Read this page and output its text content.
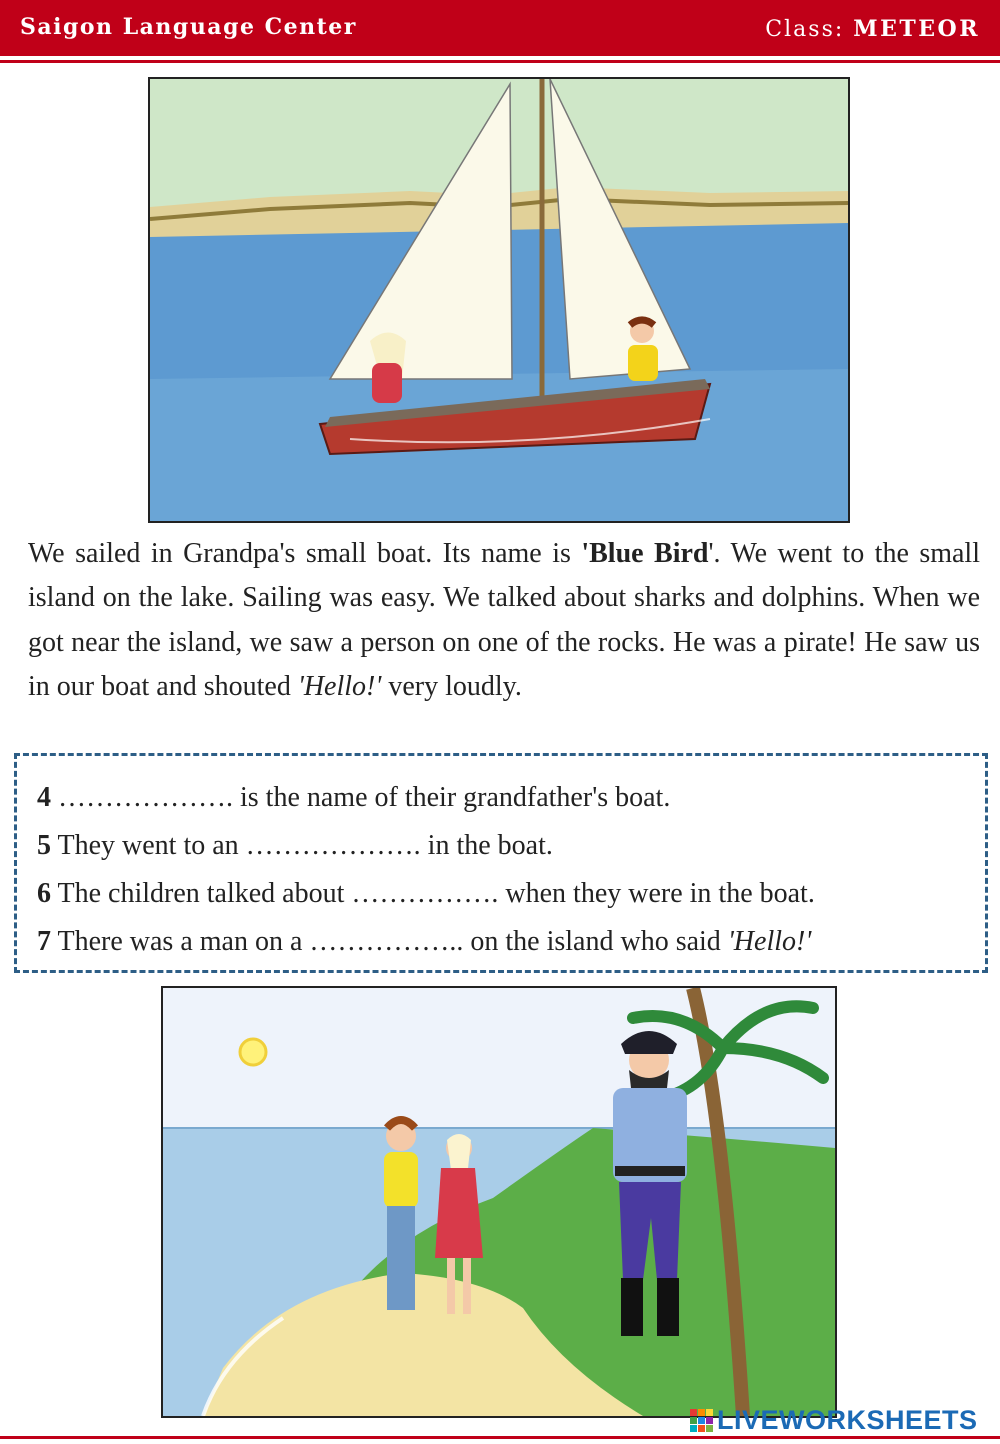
Saigon Language Center	Class: METEOR
We sailed in Grandpa's small boat. Its name is 'Blue Bird'. We went to the small island on the lake. Sailing was easy. We talked about sharks and dolphins. When we got near the island, we saw a person on one of the rocks. He was a pirate! He saw us in our boat and shouted 'Hello!' very loudly.
4 ………………. is the name of their grandfather's boat.
5 They went to an ………………. in the boat.
6 The children talked about ……………. when they were in the boat.
7 There was a man on a …………….. on the island who said 'Hello!'
LIVEWORKSHEETS
